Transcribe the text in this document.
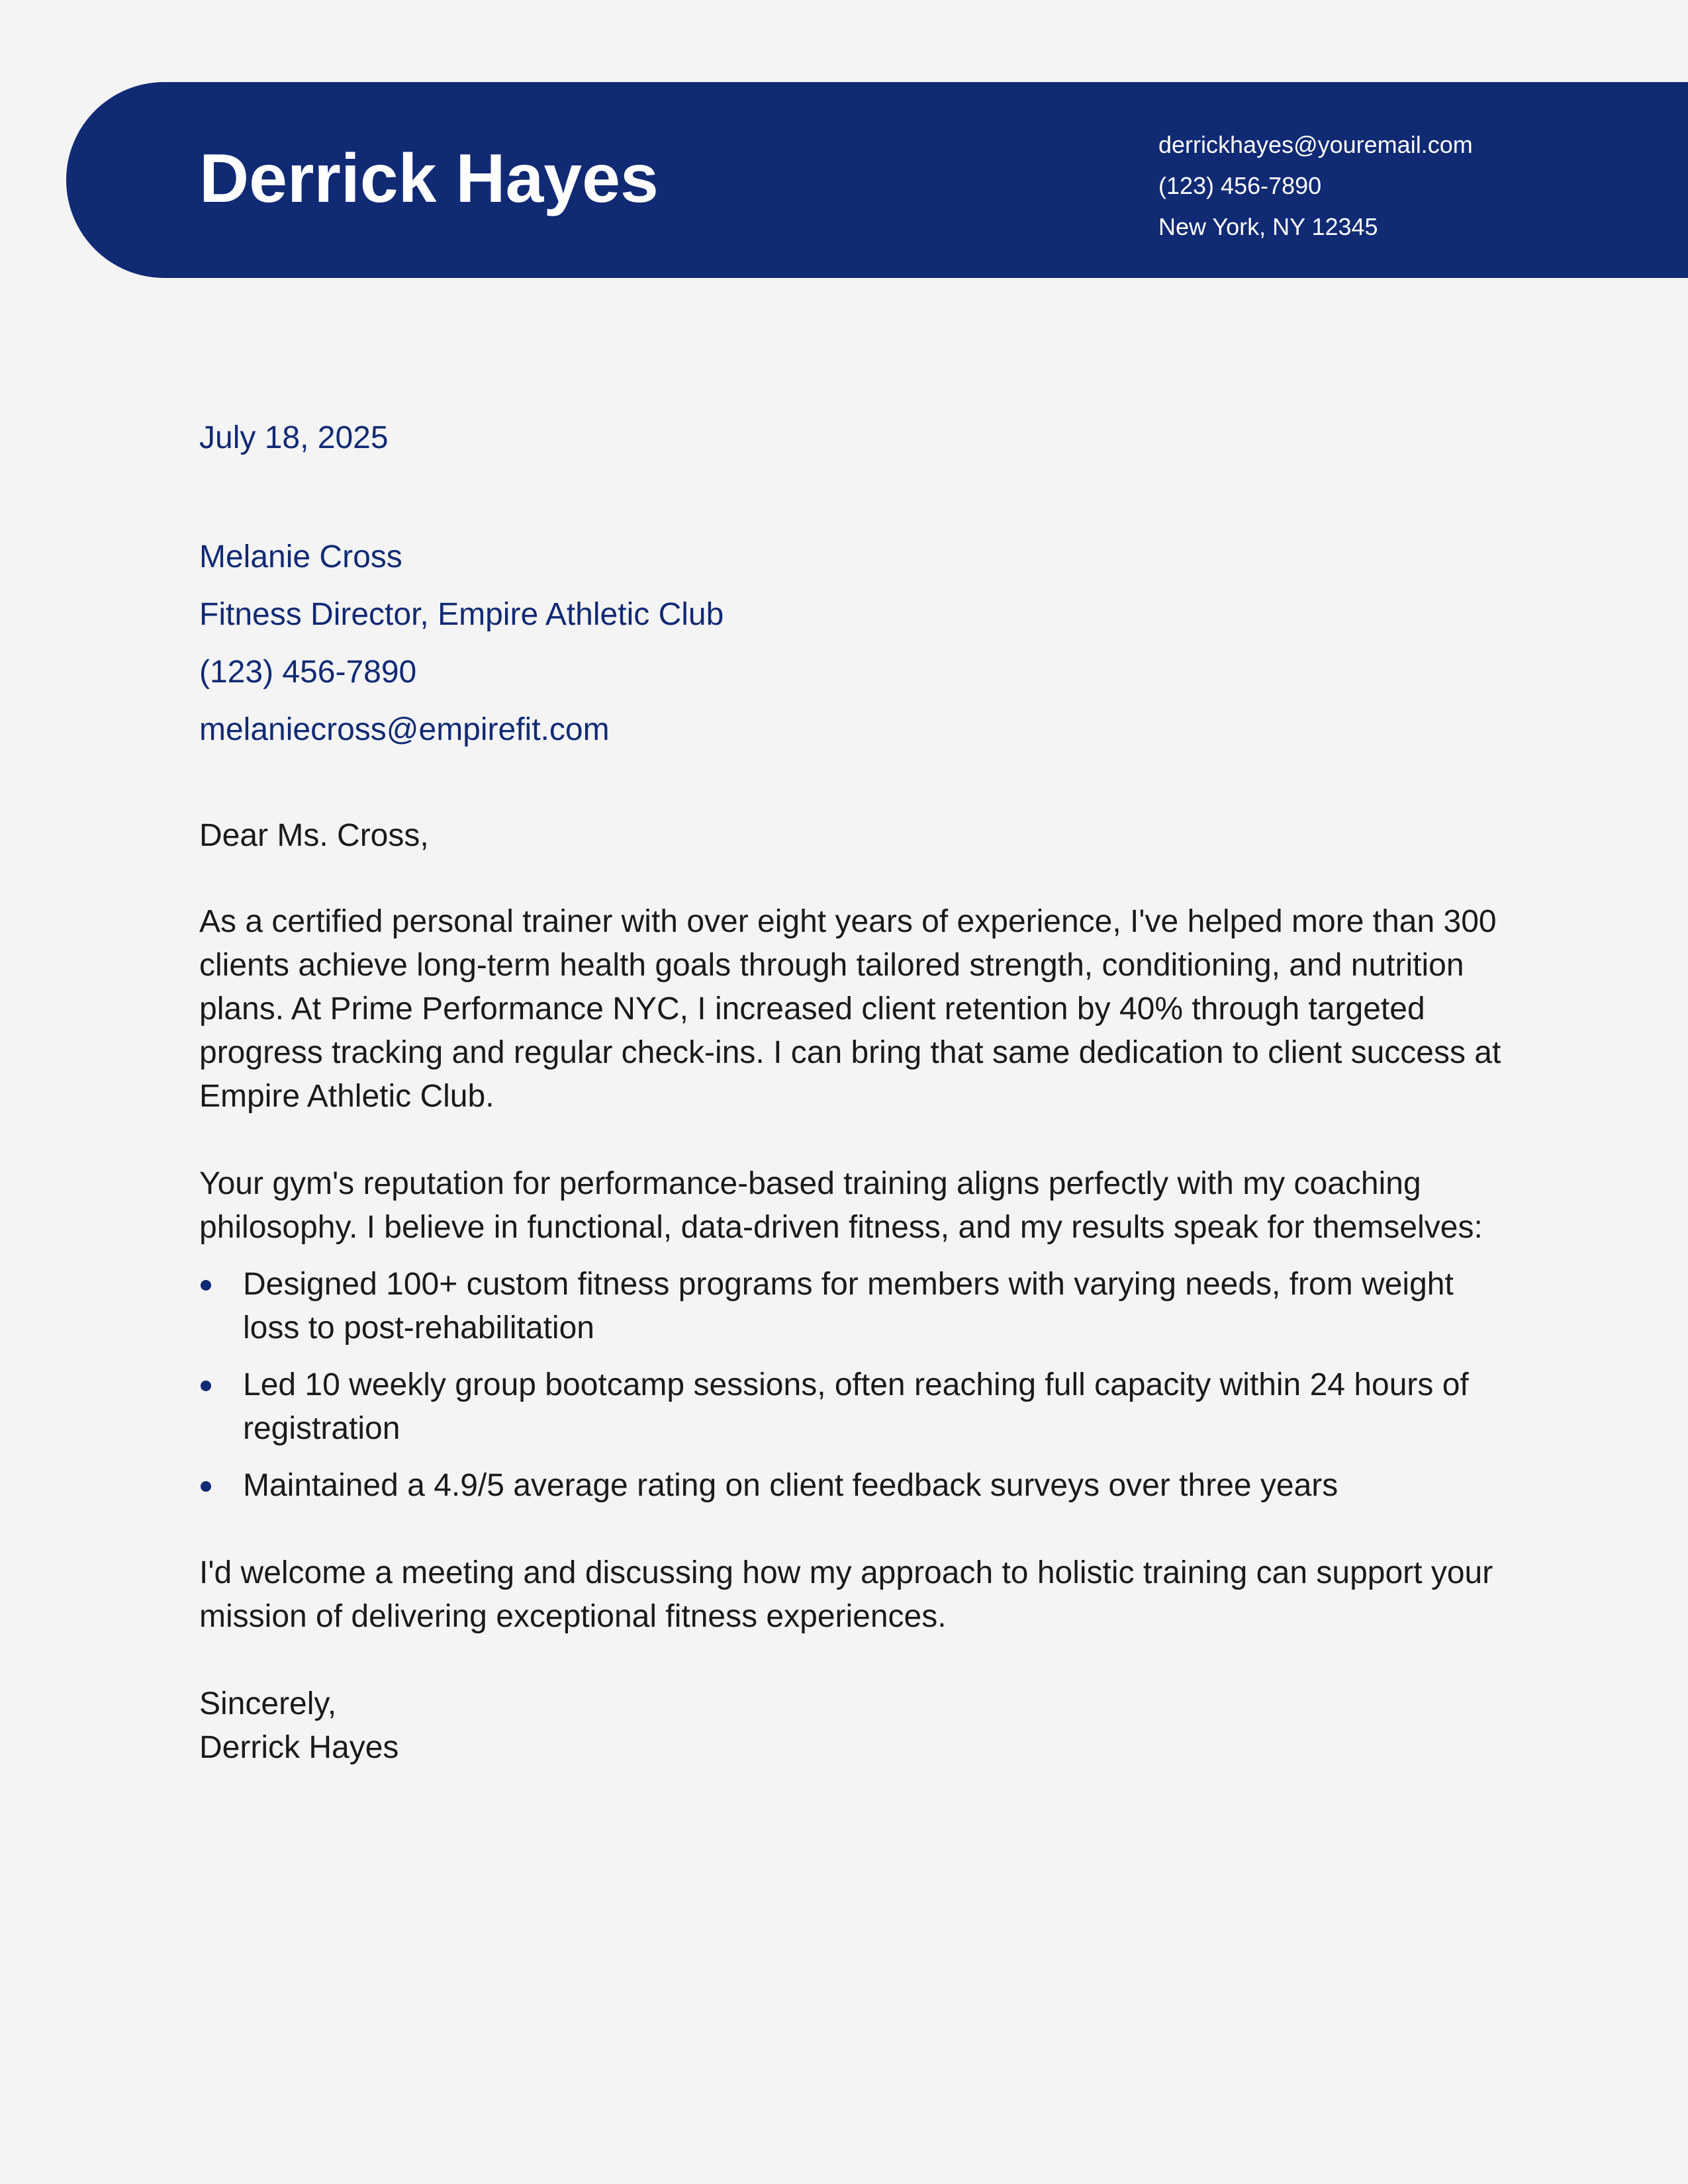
Derrick Hayes	derrickhayes@youremail.com
(123) 456-7890
New York, NY 12345
July 18, 2025
Melanie Cross
Fitness Director, Empire Athletic Club
(123) 456-7890
melaniecross@empirefit.com

Dear Ms. Cross,

As a certified personal trainer with over eight years of experience, I've helped more than 300 clients achieve long-term health goals through tailored strength, conditioning, and nutrition plans. At Prime Performance NYC, I increased client retention by 40% through targeted progress tracking and regular check-ins. I can bring that same dedication to client success at Empire Athletic Club.

Your gym's reputation for performance-based training aligns perfectly with my coaching philosophy. I believe in functional, data-driven fitness, and my results speak for themselves:

Designed 100+ custom fitness programs for members with varying needs, from weight loss to post-rehabilitation
Led 10 weekly group bootcamp sessions, often reaching full capacity within 24 hours of registration
Maintained a 4.9/5 average rating on client feedback surveys over three years

I'd welcome a meeting and discussing how my approach to holistic training can support your mission of delivering exceptional fitness experiences.

Sincerely,

Derrick Hayes
